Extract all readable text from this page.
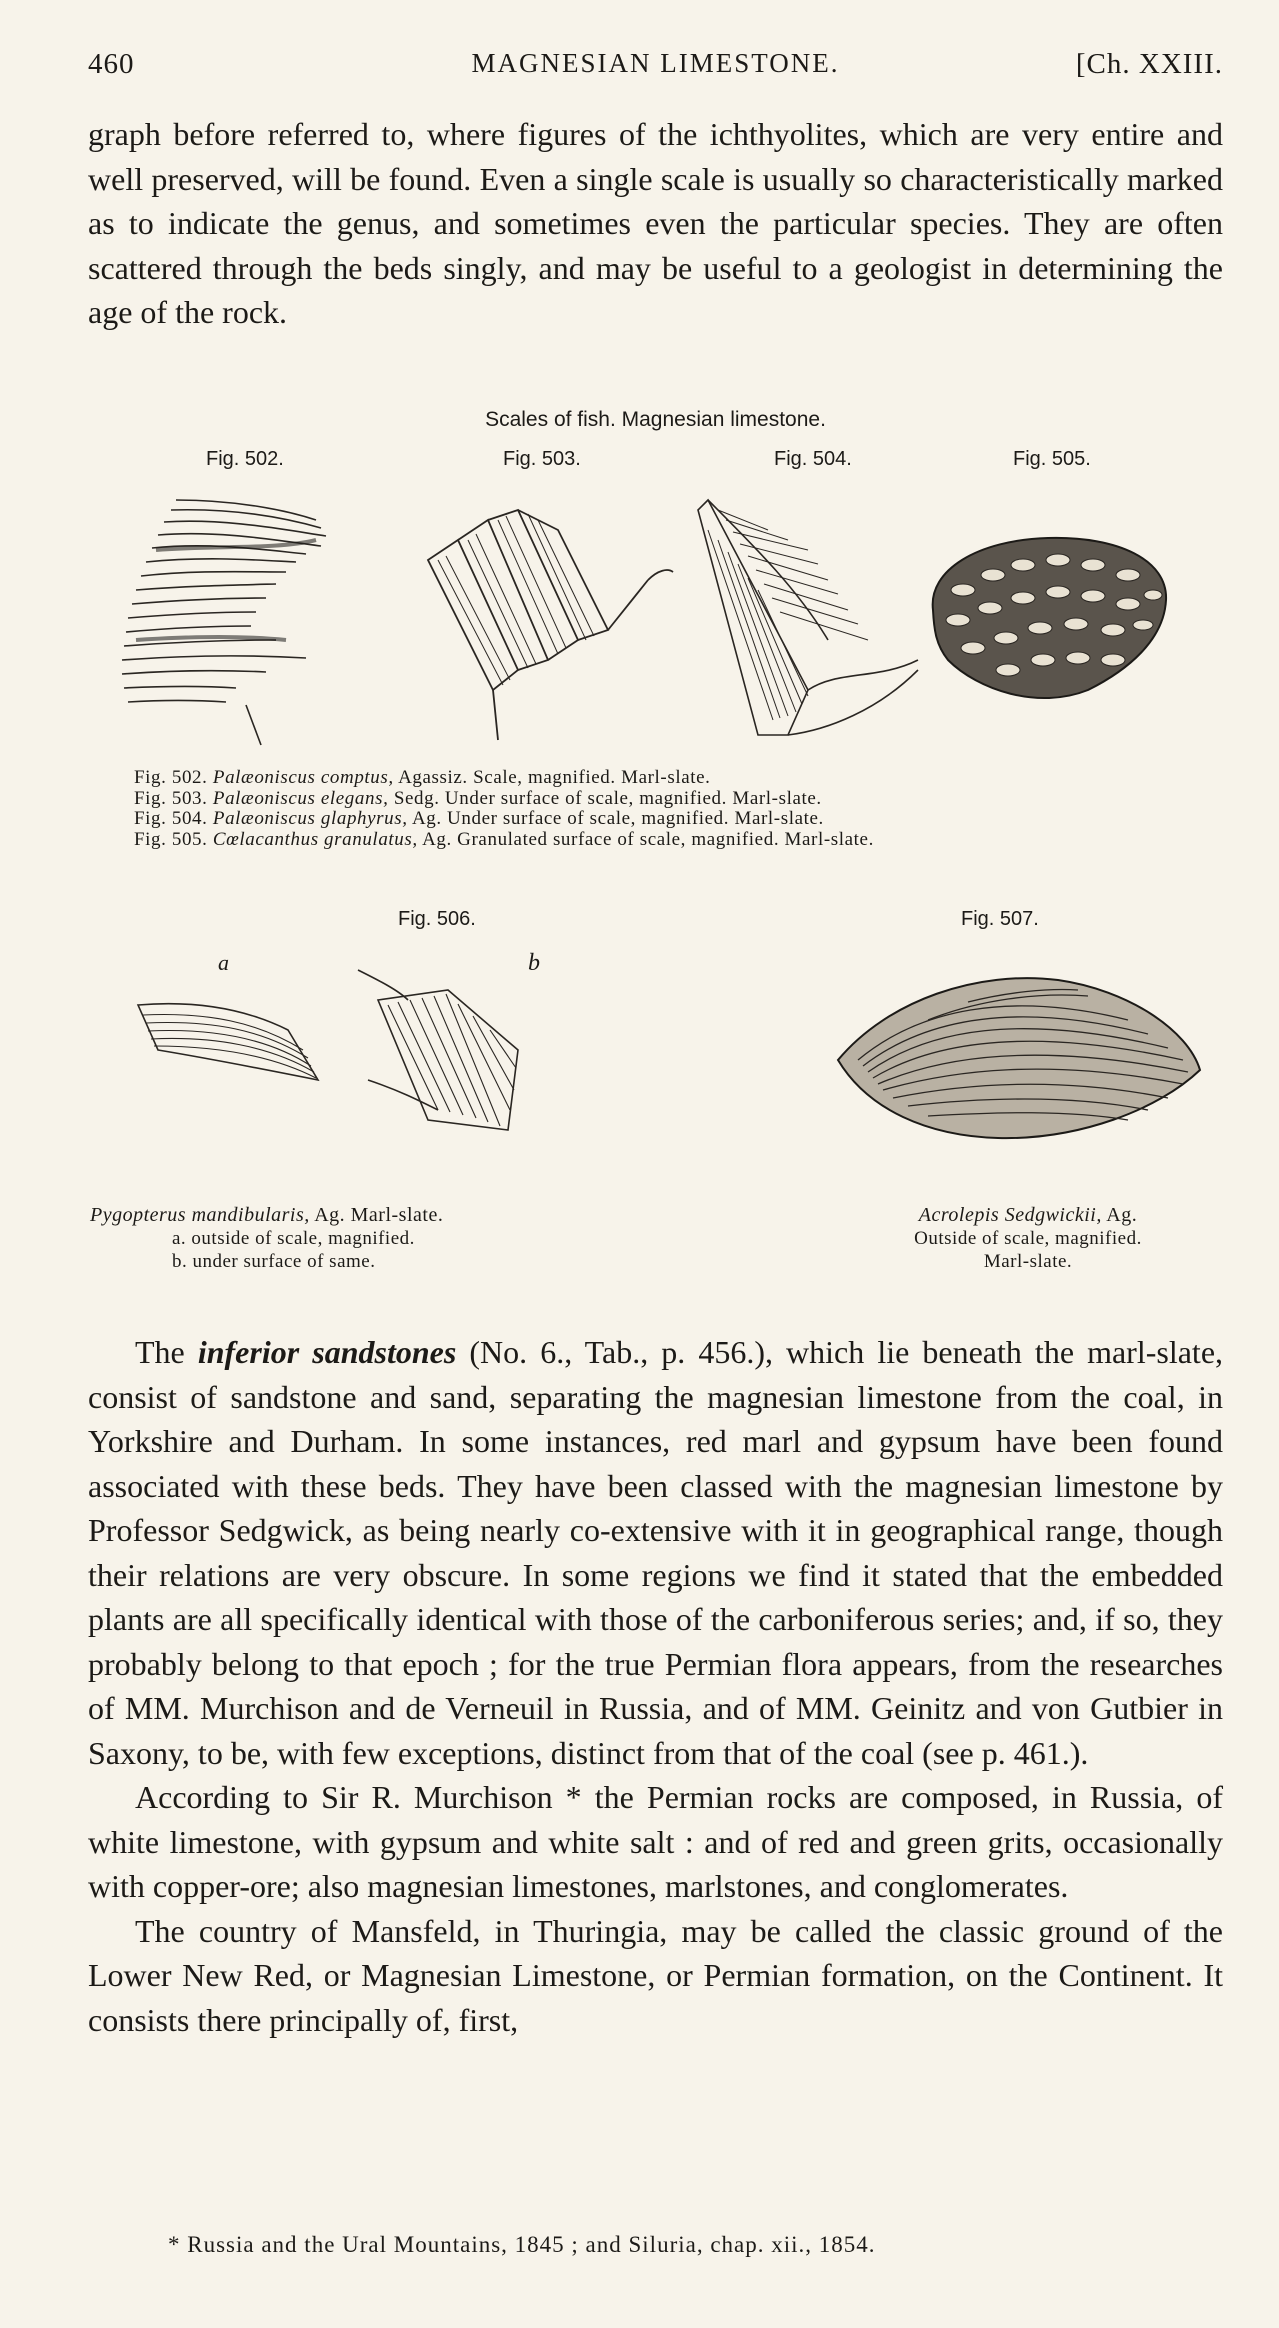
460	MAGNESIAN LIMESTONE.	[Ch. XXIII.

graph before referred to, where figures of the ichthyolites, which are very entire and well preserved, will be found. Even a single scale is usually so characteristically marked as to indicate the genus, and sometimes even the particular species. They are often scattered through the beds singly, and may be useful to a geologist in determining the age of the rock.

Scales of fish. Magnesian limestone.
Fig. 502.	Fig. 503.	Fig. 504.	Fig. 505.
Fig. 502. Palæoniscus comptus, Agassiz. Scale, magnified. Marl-slate.
Fig. 503. Palæoniscus elegans, Sedg. Under surface of scale, magnified. Marl-slate.
Fig. 504. Palæoniscus glaphyrus, Ag. Under surface of scale, magnified. Marl-slate.
Fig. 505. Cœlacanthus granulatus, Ag. Granulated surface of scale, magnified. Marl-slate.
Fig. 506.	Fig. 507.
a	b
Pygopterus mandibularis, Ag. Marl-slate.
a. outside of scale, magnified.
b. under surface of same.
Acrolepis Sedgwickii, Ag.
Outside of scale, magnified.
Marl-slate.

The inferior sandstones (No. 6., Tab., p. 456.), which lie beneath the marl-slate, consist of sandstone and sand, separating the magnesian limestone from the coal, in Yorkshire and Durham. In some instances, red marl and gypsum have been found associated with these beds. They have been classed with the magnesian limestone by Professor Sedgwick, as being nearly co-extensive with it in geographical range, though their relations are very obscure. In some regions we find it stated that the embedded plants are all specifically identical with those of the carboniferous series; and, if so, they probably belong to that epoch ; for the true Permian flora appears, from the researches of MM. Murchison and de Verneuil in Russia, and of MM. Geinitz and von Gutbier in Saxony, to be, with few exceptions, distinct from that of the coal (see p. 461.).

According to Sir R. Murchison * the Permian rocks are composed, in Russia, of white limestone, with gypsum and white salt : and of red and green grits, occasionally with copper-ore; also magnesian limestones, marlstones, and conglomerates.

The country of Mansfeld, in Thuringia, may be called the classic ground of the Lower New Red, or Magnesian Limestone, or Permian formation, on the Continent. It consists there principally of, first,

* Russia and the Ural Mountains, 1845 ; and Siluria, chap. xii., 1854.
